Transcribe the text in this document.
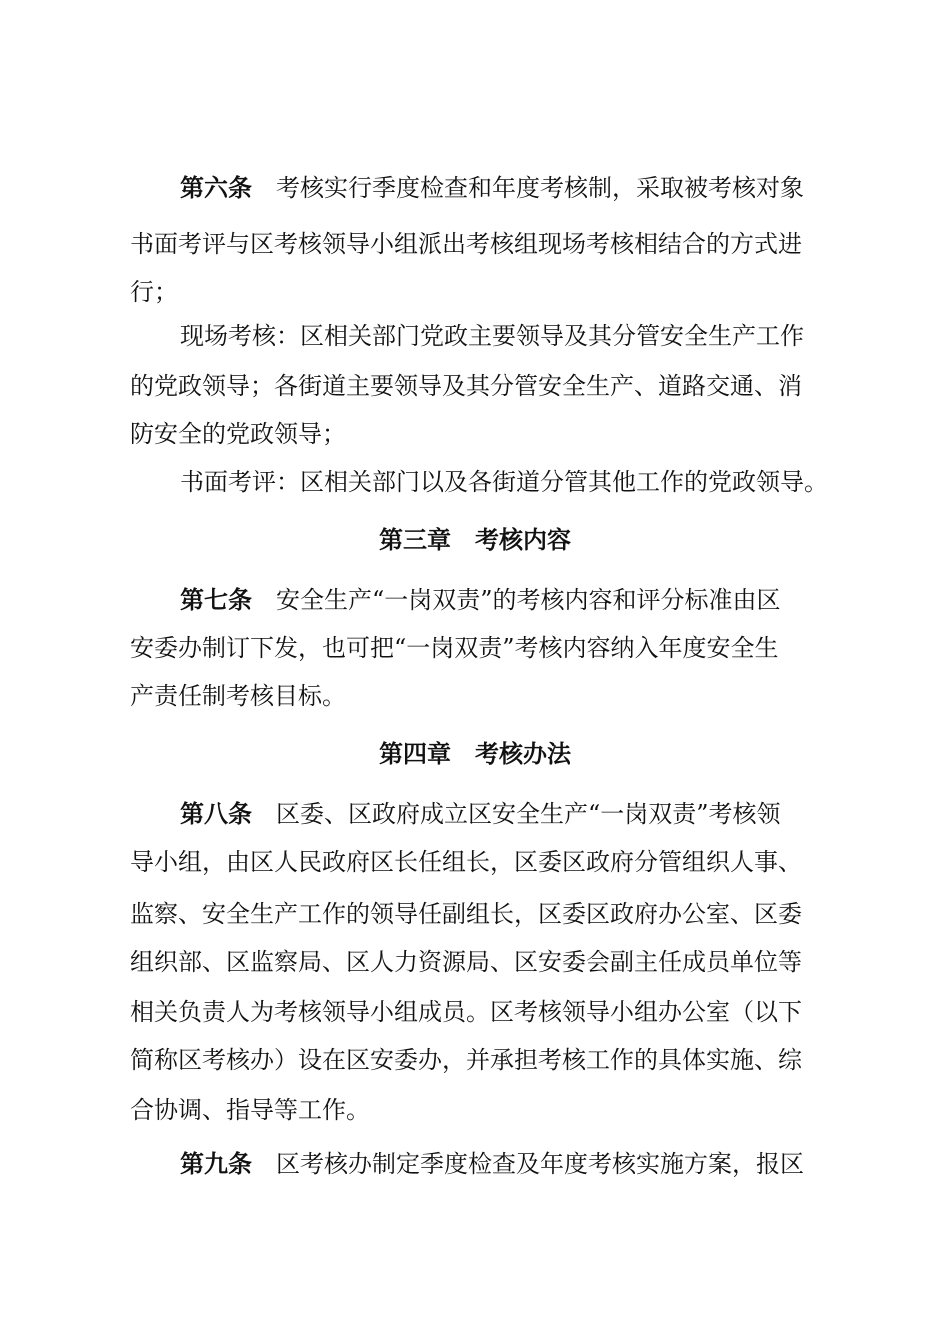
第六条 考核实行季度检查和年度考核制，采取被考核对象
书面考评与区考核领导小组派出考核组现场考核相结合的方式进
行；
现场考核：区相关部门党政主要领导及其分管安全生产工作
的党政领导；各街道主要领导及其分管安全生产、道路交通、消
防安全的党政领导；
书面考评：区相关部门以及各街道分管其他工作的党政领导。
第三章 考核内容
第七条 安全生产“一岗双责”的考核内容和评分标准由区
安委办制订下发，也可把“一岗双责”考核内容纳入年度安全生
产责任制考核目标。
第四章 考核办法
第八条 区委、区政府成立区安全生产“一岗双责”考核领
导小组，由区人民政府区长任组长，区委区政府分管组织人事、
监察、安全生产工作的领导任副组长，区委区政府办公室、区委
组织部、区监察局、区人力资源局、区安委会副主任成员单位等
相关负责人为考核领导小组成员。区考核领导小组办公室（以下
简称区考核办）设在区安委办，并承担考核工作的具体实施、综
合协调、指导等工作。
第九条 区考核办制定季度检查及年度考核实施方案，报区
